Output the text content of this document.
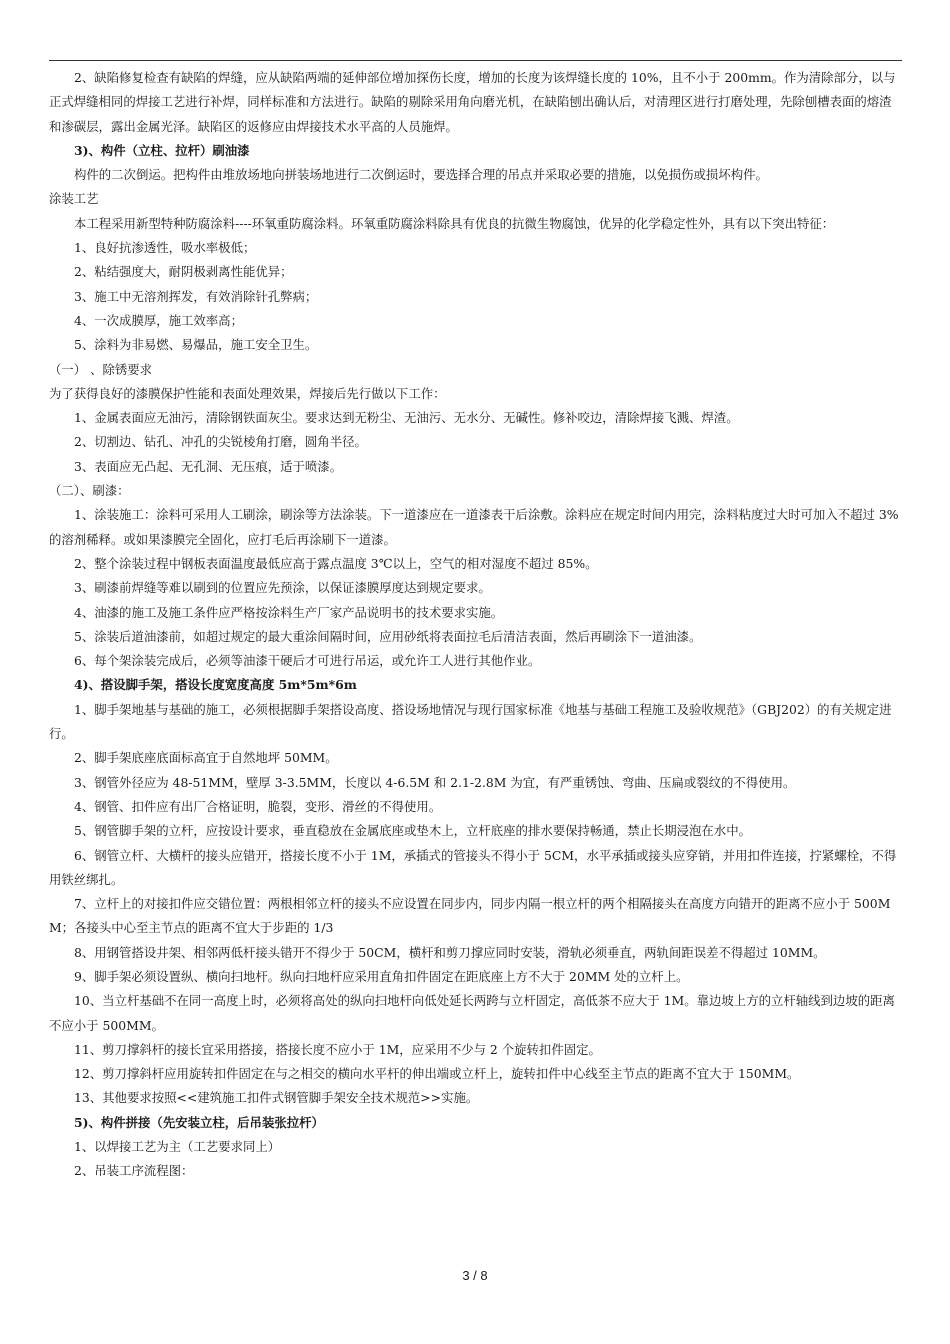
2、缺陷修复检查有缺陷的焊缝，应从缺陷两端的延伸部位增加探伤长度，增加的长度为该焊缝长度的 10%，且不小于 200mm。作为清除部分，以与正式焊缝相同的焊接工艺进行补焊，同样标准和方法进行。缺陷的剔除采用角向磨光机，在缺陷刨出确认后，对清理区进行打磨处理，先除刨槽表面的熔渣和渗碳层，露出金属光泽。缺陷区的返修应由焊接技术水平高的人员施焊。

3)、构件（立柱、拉杆）刷油漆

构件的二次倒运。把构件由堆放场地向拼装场地进行二次倒运时，要选择合理的吊点并采取必要的措施，以免损伤或损坏构件。

涂装工艺

本工程采用新型特种防腐涂料----环氧重防腐涂料。环氧重防腐涂料除具有优良的抗微生物腐蚀，优异的化学稳定性外，具有以下突出特征：

1、良好抗渗透性，吸水率极低；

2、粘结强度大，耐阴极剥离性能优异；

3、施工中无溶剂挥发，有效消除针孔弊病；

4、一次成膜厚，施工效率高；

5、涂料为非易燃、易爆品，施工安全卫生。

（一） 、除锈要求

为了获得良好的漆膜保护性能和表面处理效果，焊接后先行做以下工作：

1、金属表面应无油污，清除钢铁面灰尘。要求达到无粉尘、无油污、无水分、无碱性。修补咬边，清除焊接飞溅、焊渣。

2、切割边、钻孔、冲孔的尖锐棱角打磨，圆角半径。

3、表面应无凸起、无孔洞、无压痕，适于喷漆。

（二）、刷漆：

1、涂装施工：涂料可采用人工刷涂，刷涂等方法涂装。下一道漆应在一道漆表干后涂敷。涂料应在规定时间内用完，涂料粘度过大时可加入不超过 3%的溶剂稀释。或如果漆膜完全固化，应打毛后再涂刷下一道漆。

2、整个涂装过程中钢板表面温度最低应高于露点温度 3℃以上，空气的相对湿度不超过 85%。

3、刷漆前焊缝等难以刷到的位置应先预涂，以保证漆膜厚度达到规定要求。

4、油漆的施工及施工条件应严格按涂料生产厂家产品说明书的技术要求实施。

5、涂装后道油漆前，如超过规定的最大重涂间隔时间，应用砂纸将表面拉毛后清洁表面，然后再刷涂下一道油漆。

6、每个架涂装完成后，必须等油漆干硬后才可进行吊运，或允许工人进行其他作业。

4)、搭设脚手架，搭设长度宽度高度 5m*5m*6m

1、脚手架地基与基础的施工，必须根据脚手架搭设高度、搭设场地情况与现行国家标准《地基与基础工程施工及验收规范》（GBJ202）的有关规定进行。

2、脚手架底座底面标高宜于自然地坪 50MM。

3、钢管外径应为 48-51MM，壁厚 3-3.5MM，长度以 4-6.5M 和 2.1-2.8M 为宜，有严重锈蚀、弯曲、压扁或裂纹的不得使用。

4、钢管、扣件应有出厂合格证明，脆裂，变形、滑丝的不得使用。

5、钢管脚手架的立杆，应按设计要求，垂直稳放在金属底座或垫木上，立杆底座的排水要保持畅通，禁止长期浸泡在水中。

6、钢管立杆、大横杆的接头应错开，搭接长度不小于 1M，承插式的管接头不得小于 5CM，水平承插或接头应穿销，并用扣件连接，拧紧螺栓，不得用铁丝绑扎。

7、立杆上的对接扣件应交错位置：两根相邻立杆的接头不应设置在同步内，同步内隔一根立杆的两个相隔接头在高度方向错开的距离不应小于 500MM；各接头中心至主节点的距离不宜大于步距的 1/3

8、用钢管搭设井架、相邻两低杆接头错开不得少于 50CM，横杆和剪刀撑应同时安装，滑轨必须垂直，两轨间距误差不得超过 10MM。

9、脚手架必须设置纵、横向扫地杆。纵向扫地杆应采用直角扣件固定在距底座上方不大于 20MM 处的立杆上。

10、当立杆基础不在同一高度上时，必须将高处的纵向扫地杆向低处延长两跨与立杆固定，高低茶不应大于 1M。靠边坡上方的立杆轴线到边坡的距离不应小于 500MM。

11、剪刀撑斜杆的接长宜采用搭接，搭接长度不应小于 1M，应采用不少与 2 个旋转扣件固定。

12、剪刀撑斜杆应用旋转扣件固定在与之相交的横向水平杆的伸出端或立杆上，旋转扣件中心线至主节点的距离不宜大于 150MM。

13、其他要求按照<<建筑施工扣件式钢管脚手架安全技术规范>>实施。

5)、构件拼接（先安装立柱，后吊装张拉杆）

1、以焊接工艺为主（工艺要求同上）

2、吊装工序流程图：

3 / 8
